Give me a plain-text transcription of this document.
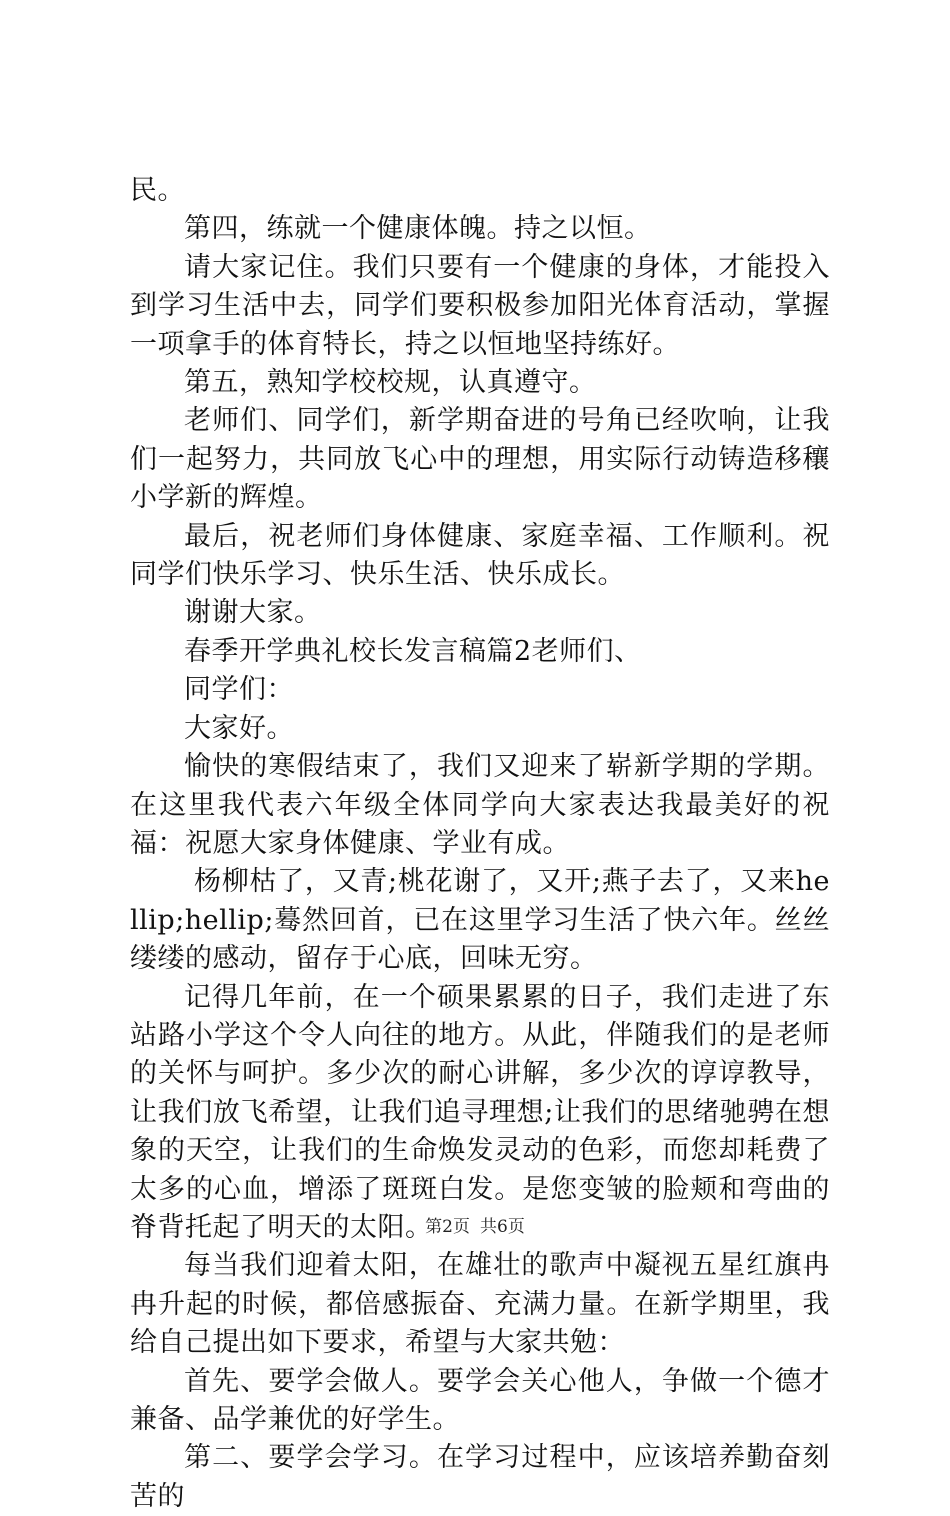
民。

第四，练就一个健康体魄。持之以恒。

请大家记住。我们只要有一个健康的身体，才能投入到学习生活中去，同学们要积极参加阳光体育活动，掌握一项拿手的体育特长，持之以恒地坚持练好。

第五，熟知学校校规，认真遵守。

老师们、同学们，新学期奋进的号角已经吹响，让我们一起努力，共同放飞心中的理想，用实际行动铸造移穰小学新的辉煌。

最后，祝老师们身体健康、家庭幸福、工作顺利。祝同学们快乐学习、快乐生活、快乐成长。

谢谢大家。

春季开学典礼校长发言稿篇2老师们、

同学们：

大家好。

愉快的寒假结束了，我们又迎来了崭新学期的学期。在这里我代表六年级全体同学向大家表达我最美好的祝福：祝愿大家身体健康、学业有成。

杨柳枯了，又青;桃花谢了，又开;燕子去了，又来hellip;hellip;蓦然回首，已在这里学习生活了快六年。丝丝缕缕的感动，留存于心底，回味无穷。

记得几年前，在一个硕果累累的日子，我们走进了东站路小学这个令人向往的地方。从此，伴随我们的是老师的关怀与呵护。多少次的耐心讲解，多少次的谆谆教导，让我们放飞希望，让我们追寻理想;让我们的思绪驰骋在想象的天空，让我们的生命焕发灵动的色彩，而您却耗费了太多的心血，增添了斑斑白发。是您变皱的脸颊和弯曲的脊背托起了明天的太阳。

每当我们迎着太阳，在雄壮的歌声中凝视五星红旗冉冉升起的时候，都倍感振奋、充满力量。在新学期里，我给自己提出如下要求，希望与大家共勉：

首先、要学会做人。要学会关心他人，争做一个德才兼备、品学兼优的好学生。

第二、要学会学习。在学习过程中，应该培养勤奋刻苦的

第2页 共6页
